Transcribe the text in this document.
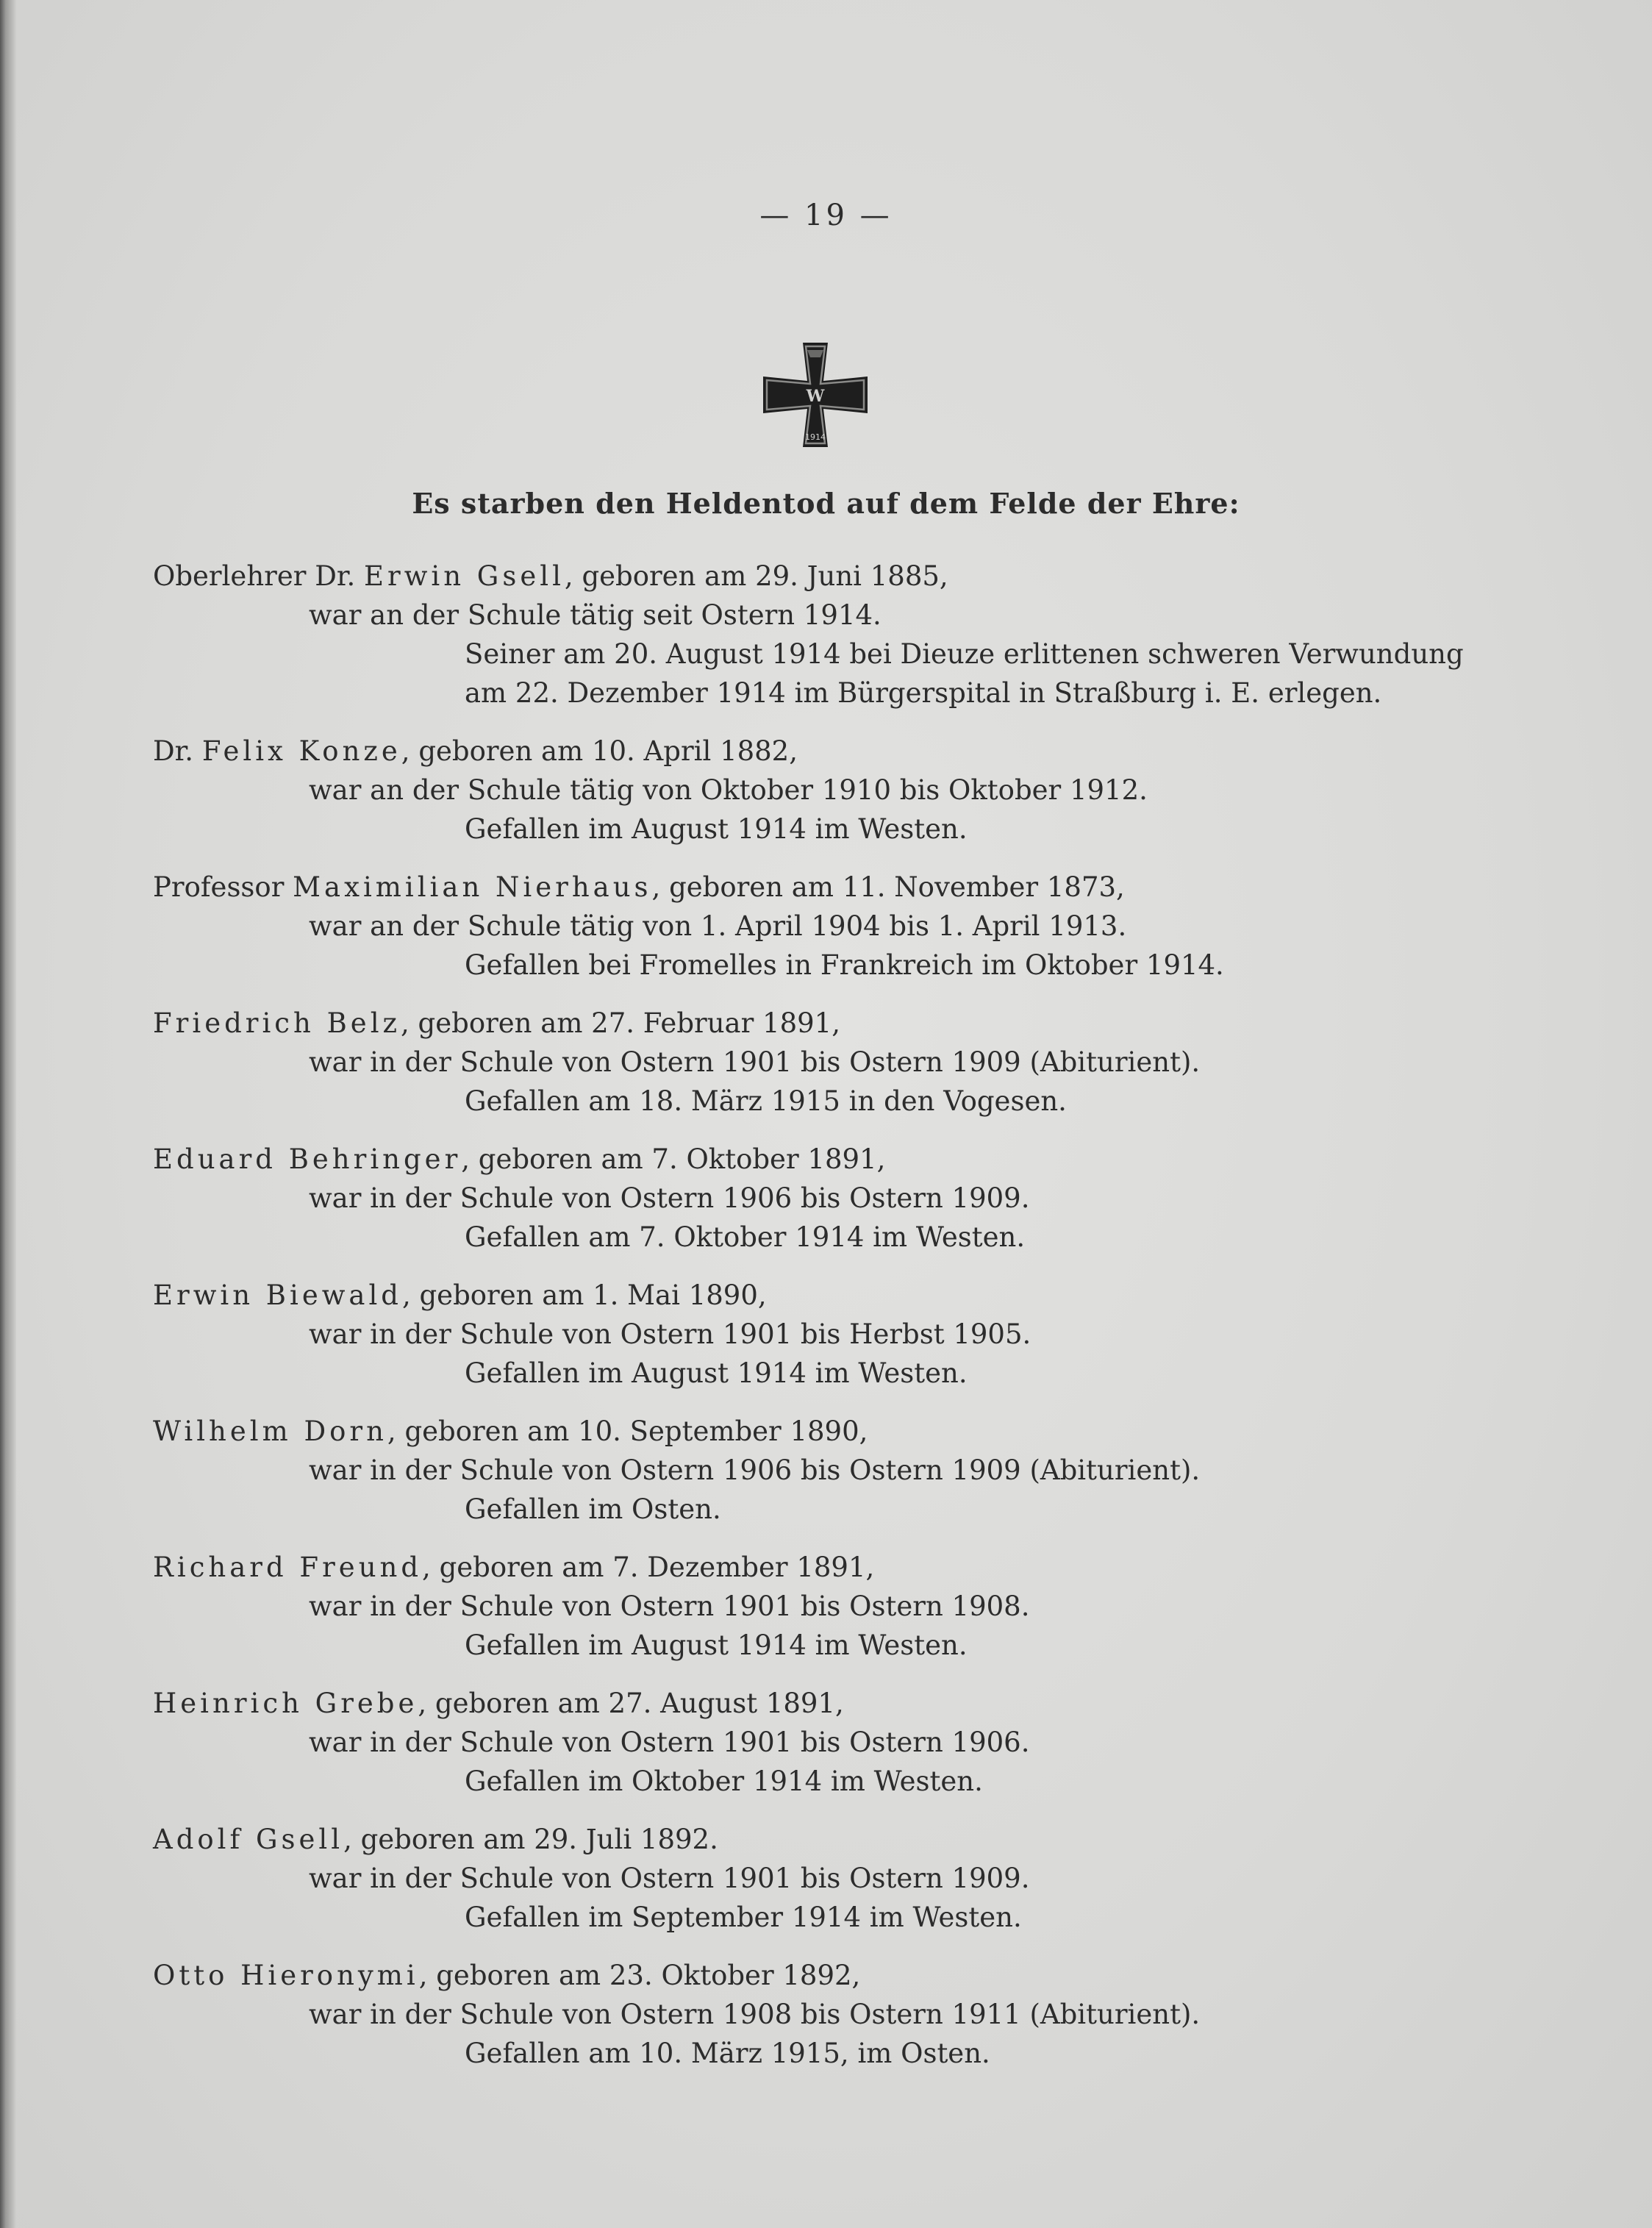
— 19 —
W
1914
Es starben den Heldentod auf dem Felde der Ehre:
Oberlehrer Dr. Erwin Gsell, geboren am 29. Juni 1885,
war an der Schule tätig seit Ostern 1914.
Seiner am 20. August 1914 bei Dieuze erlittenen schweren Verwundung
am 22. Dezember 1914 im Bürgerspital in Straßburg i. E. erlegen.
Dr. Felix Konze, geboren am 10. April 1882,
war an der Schule tätig von Oktober 1910 bis Oktober 1912.
Gefallen im August 1914 im Westen.
Professor Maximilian Nierhaus, geboren am 11. November 1873,
war an der Schule tätig von 1. April 1904 bis 1. April 1913.
Gefallen bei Fromelles in Frankreich im Oktober 1914.
Friedrich Belz, geboren am 27. Februar 1891,
war in der Schule von Ostern 1901 bis Ostern 1909 (Abiturient).
Gefallen am 18. März 1915 in den Vogesen.
Eduard Behringer, geboren am 7. Oktober 1891,
war in der Schule von Ostern 1906 bis Ostern 1909.
Gefallen am 7. Oktober 1914 im Westen.
Erwin Biewald, geboren am 1. Mai 1890,
war in der Schule von Ostern 1901 bis Herbst 1905.
Gefallen im August 1914 im Westen.
Wilhelm Dorn, geboren am 10. September 1890,
war in der Schule von Ostern 1906 bis Ostern 1909 (Abiturient).
Gefallen im Osten.
Richard Freund, geboren am 7. Dezember 1891,
war in der Schule von Ostern 1901 bis Ostern 1908.
Gefallen im August 1914 im Westen.
Heinrich Grebe, geboren am 27. August 1891,
war in der Schule von Ostern 1901 bis Ostern 1906.
Gefallen im Oktober 1914 im Westen.
Adolf Gsell, geboren am 29. Juli 1892.
war in der Schule von Ostern 1901 bis Ostern 1909.
Gefallen im September 1914 im Westen.
Otto Hieronymi, geboren am 23. Oktober 1892,
war in der Schule von Ostern 1908 bis Ostern 1911 (Abiturient).
Gefallen am 10. März 1915, im Osten.
